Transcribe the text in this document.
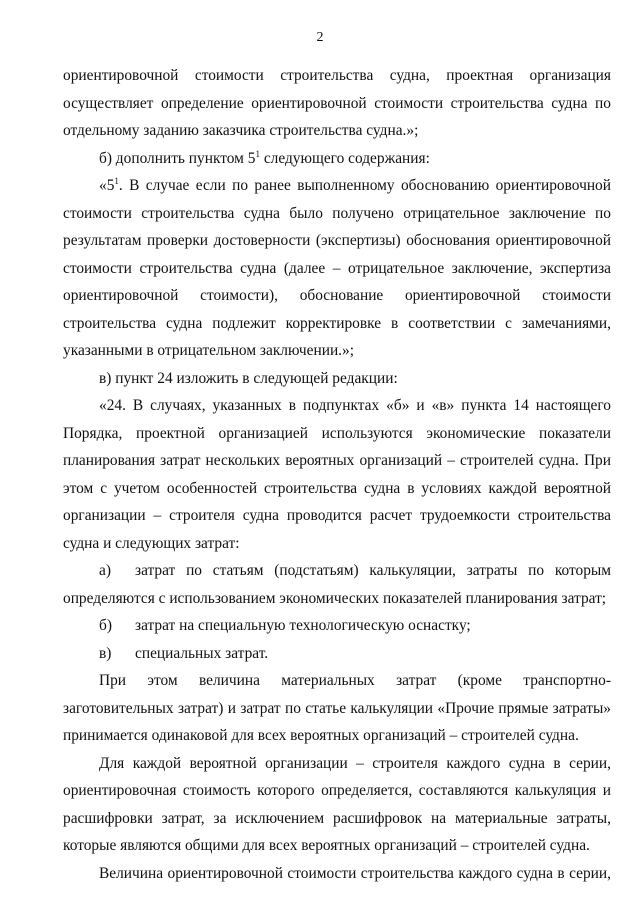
2

ориентировочной стоимости строительства судна, проектная организация осуществляет определение ориентировочной стоимости строительства судна по отдельному заданию заказчика строительства судна.»;

б) дополнить пунктом $5^1$ следующего содержания:

«$5^1$. В случае если по ранее выполненному обоснованию ориентировочной стоимости строительства судна было получено отрицательное заключение по результатам проверки достоверности (экспертизы) обоснования ориентировочной стоимости строительства судна (далее – отрицательное заключение, экспертиза ориентировочной стоимости), обоснование ориентировочной стоимости строительства судна подлежит корректировке в соответствии с замечаниями, указанными в отрицательном заключении.»;

в) пункт 24 изложить в следующей редакции:

«24. В случаях, указанных в подпунктах «б» и «в» пункта 14 настоящего Порядка, проектной организацией используются экономические показатели планирования затрат нескольких вероятных организаций – строителей судна. При этом с учетом особенностей строительства судна в условиях каждой вероятной организации – строителя судна проводится расчет трудоемкости строительства судна и следующих затрат:

а) затрат по статьям (подстатьям) калькуляции, затраты по которым определяются с использованием экономических показателей планирования затрат;

б)	затрат на специальную технологическую оснастку;
в)	специальных затрат.

При этом величина материальных затрат (кроме транспортно-заготовительных затрат) и затрат по статье калькуляции «Прочие прямые затраты» принимается одинаковой для всех вероятных организаций – строителей судна.

Для каждой вероятной организации – строителя каждого судна в серии, ориентировочная стоимость которого определяется, составляются калькуляция и расшифровки затрат, за исключением расшифровок на материальные затраты, которые являются общими для всех вероятных организаций – строителей судна.

Величина ориентировочной стоимости строительства каждого судна в серии,
